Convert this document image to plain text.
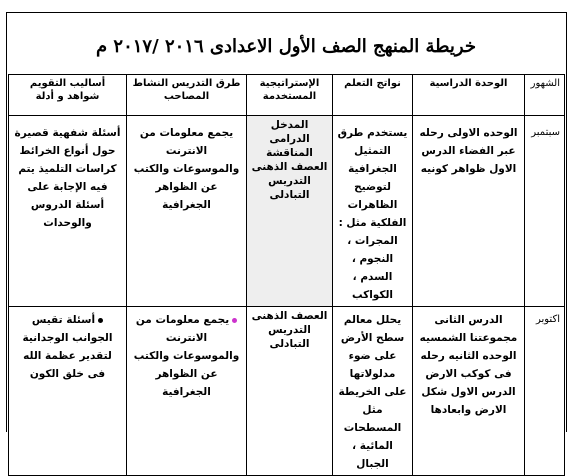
خريطة المنهج الصف الأول الاعدادى ٢٠١٦ /٢٠١٧ م
الشهور	الوحدة الدراسية	نواتج التعلم	الإستراتيجية المستخدمة	طرق التدريس النشاط المصاحب	أساليب التقويم شواهد و أدلة
سبتمبر	الوحده الاولى رحله عبر الفضاء الدرس الاول ظواهر كونيه	يستخدم طرق التمثيل الجغرافية لتوضيح الظاهرات الفلكية مثل : المجرات ، النجوم ، السدم ، الكواكب	المدخل الدرامى المناقشة العصف الذهنى التدريس التبادلى	يجمع معلومات من الانترنت والموسوعات والكتب عن الظواهر الجغرافية	أسئلة شفهية قصيرة حول أنواع الخرائط كراسات التلميذ يتم فيه الإجابة على أسئلة الدروس والوحدات
اكتوبر	الدرس الثانى مجموعتنا الشمسيه الوحده الثانيه رحله فى كوكب الارض الدرس الاول شكل الارض وابعادها	يحلل معالم سطح الأرض على ضوء مدلولاتها على الخريطة مثل المسطحات المائية ، الجبال	العصف الذهنى التدريس التبادلى	يجمع معلومات من الانترنت والموسوعات والكتب عن الظواهر الجغرافية	أسئلة تقيس الجوانب الوجدانية لتقدير عظمة الله فى خلق الكون
